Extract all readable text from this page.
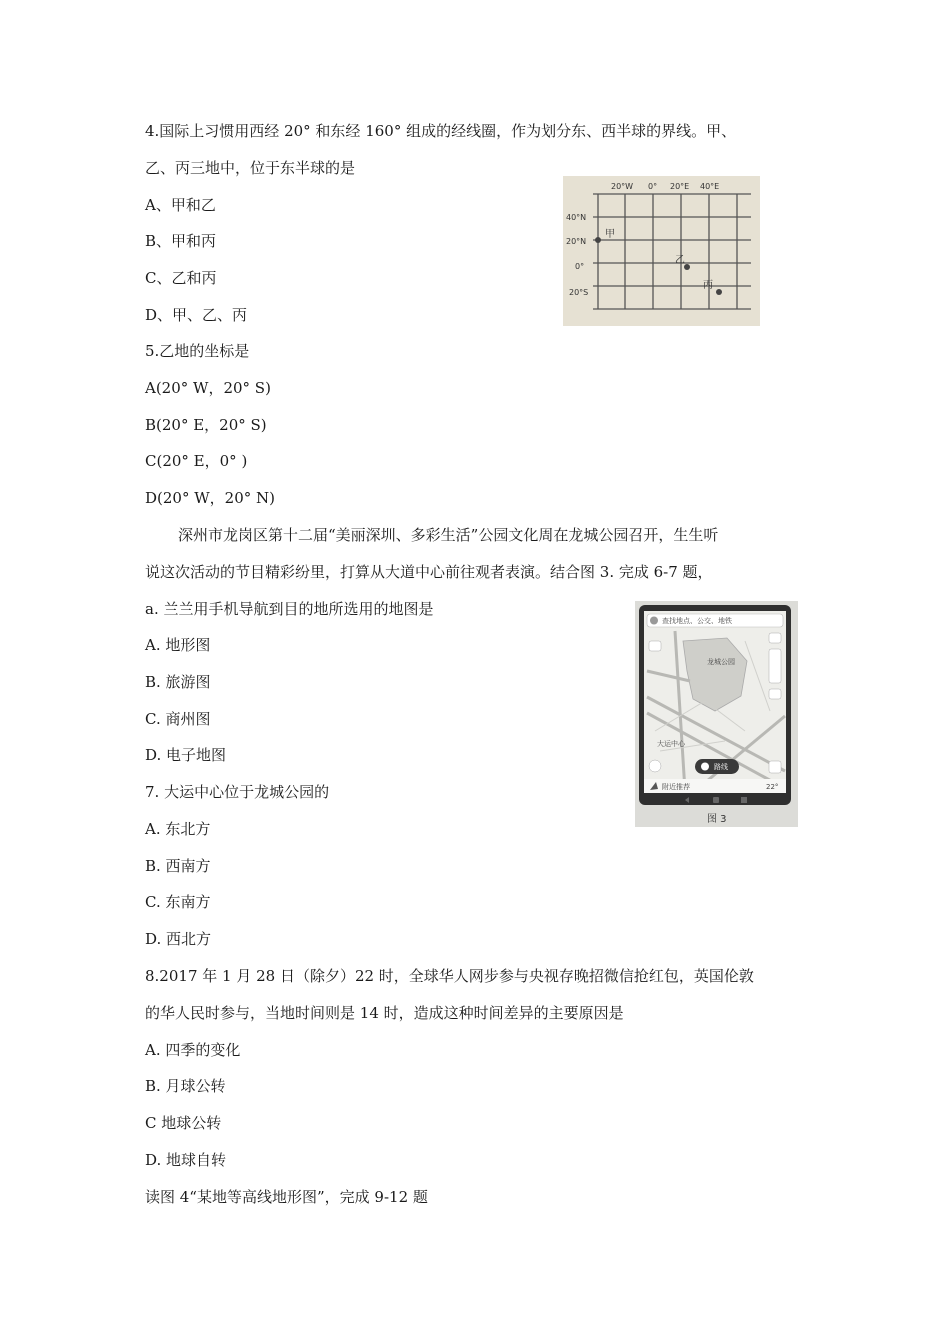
4.国际上习惯用西经 20° 和东经 160° 组成的经线圈，作为划分东、西半球的界线。甲、
乙、丙三地中，位于东半球的是
A、甲和乙
B、甲和丙
C、乙和丙
D、甲、乙、丙
5.乙地的坐标是
A(20° W，20° S)
B(20° E，20° S)
C(20° E，0° )
D(20° W，20° N)
深州市龙岗区第十二届“美丽深圳、多彩生活”公园文化周在龙城公园召开，生生听
说这次活动的节目精彩纷里，打算从大道中心前往观者表演。结合图 3. 完成 6-7 题，
a. 兰兰用手机导航到目的地所选用的地图是
A. 地形图
B. 旅游图
C. 商州图
D. 电子地图
7. 大运中心位于龙城公园的
A. 东北方
B. 西南方
C. 东南方
D. 西北方
8.2017 年 1 月 28 日（除夕）22 时，全球华人网步参与央视存晚招微信抢红包，英国伦敦
的华人民时参与，当地时间则是 14 时，造成这种时间差异的主要原因是
A. 四季的变化
B. 月球公转
C 地球公转
D. 地球自转
读图 4“某地等高线地形图”，完成 9-12 题
20°W 0° 20°E 40°E
40°N
20°N
0°
20°S
甲
乙
丙
查找地点、公交、地铁
龙城公园
大运中心
路线
附近推荐	22°
图 3
